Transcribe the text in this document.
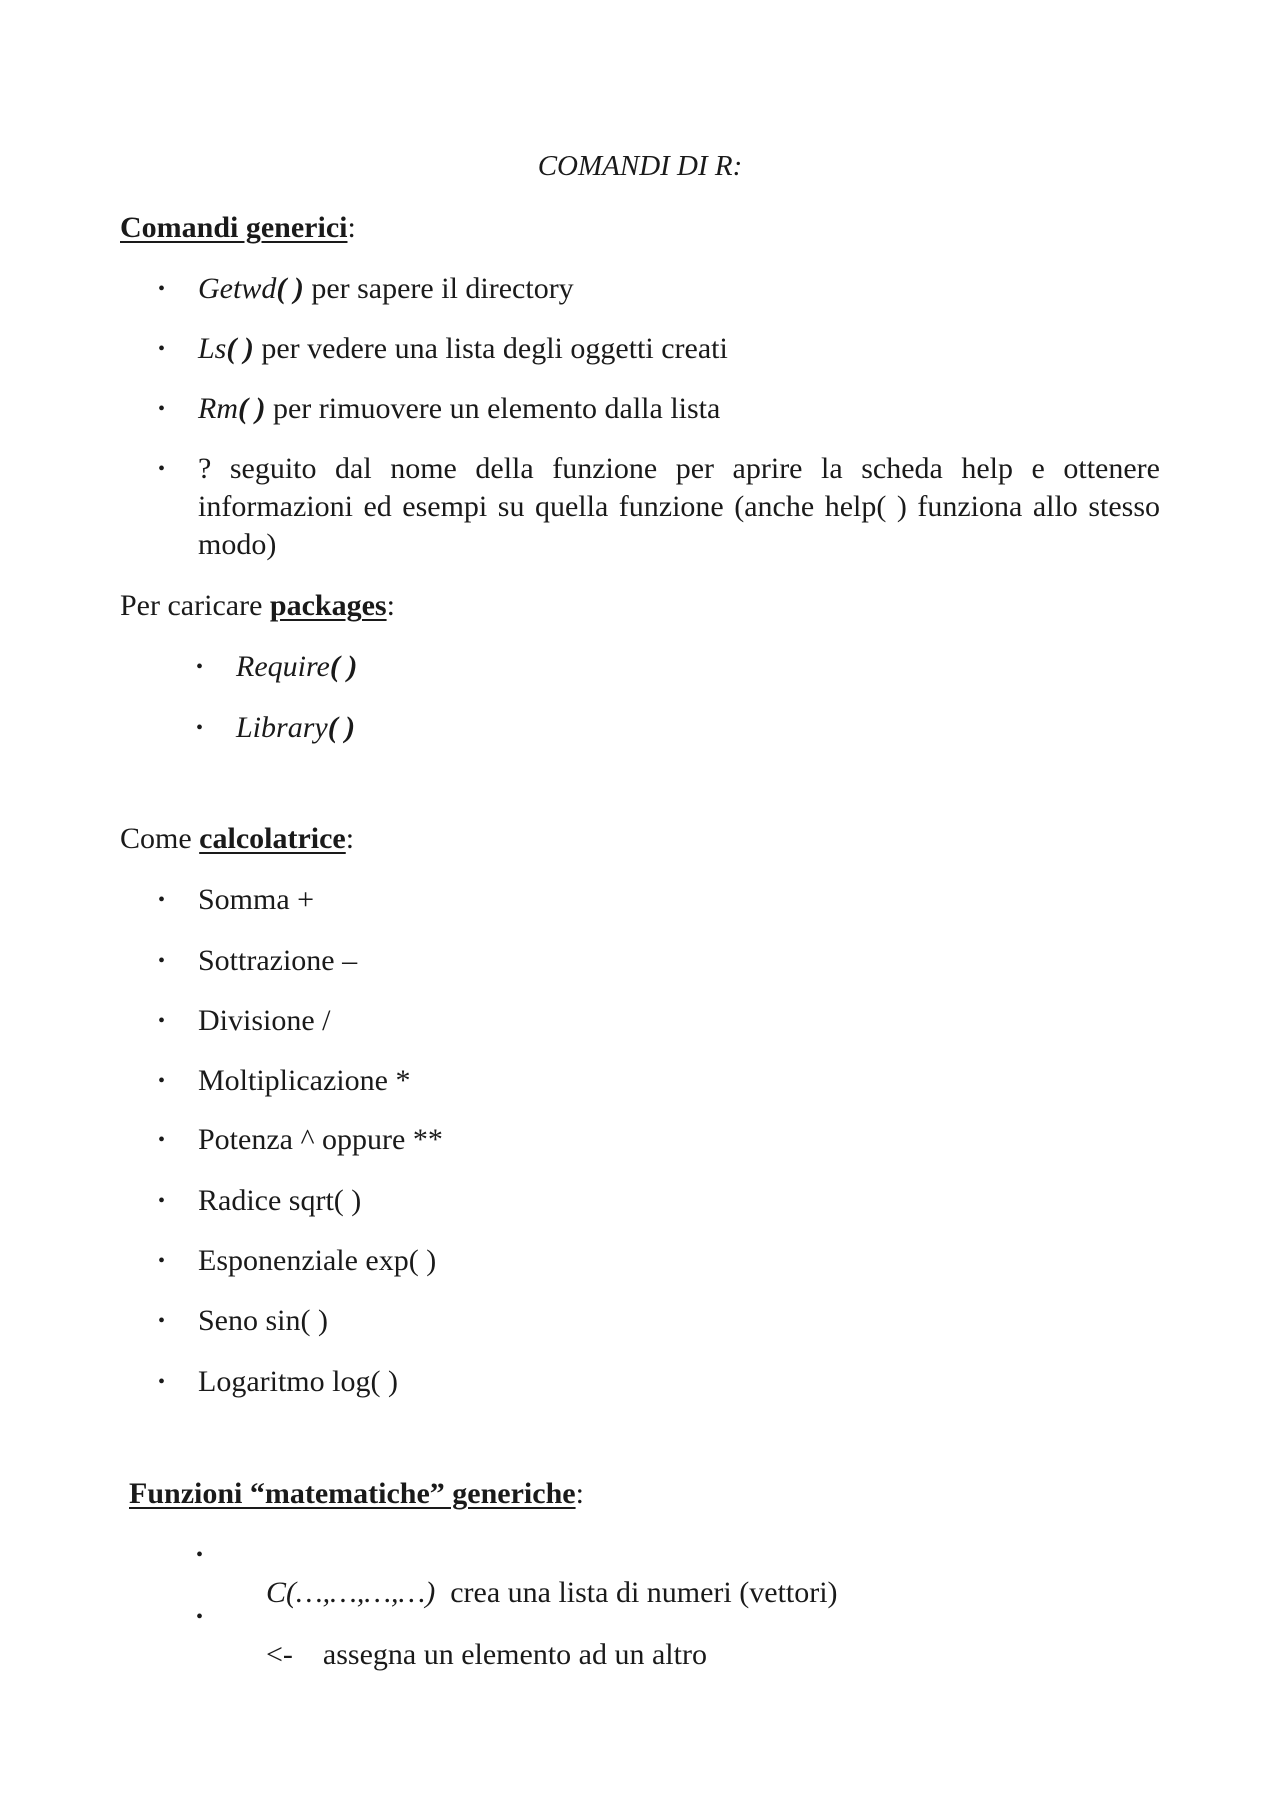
COMANDI DI R:
Comandi generici:
• Getwd( ) per sapere il directory
• Ls( ) per vedere una lista degli oggetti creati
• Rm( ) per rimuovere un elemento dalla lista
• ? seguito dal nome della funzione per aprire la scheda help e ottenere informazioni ed esempi su quella funzione (anche help( ) funziona allo stesso modo)
Per caricare packages:
• Require( )
• Library( )
Come calcolatrice:
• Somma +
• Sottrazione –
• Divisione /
• Moltiplicazione *
• Potenza ^ oppure **
• Radice sqrt( )
• Esponenziale exp( )
• Seno sin( )
• Logaritmo log( )
Funzioni “matematiche” generiche:
•

C(…,…,…,…)  crea una lista di numeri (vettori)

•

<-    assegna un elemento ad un altro
